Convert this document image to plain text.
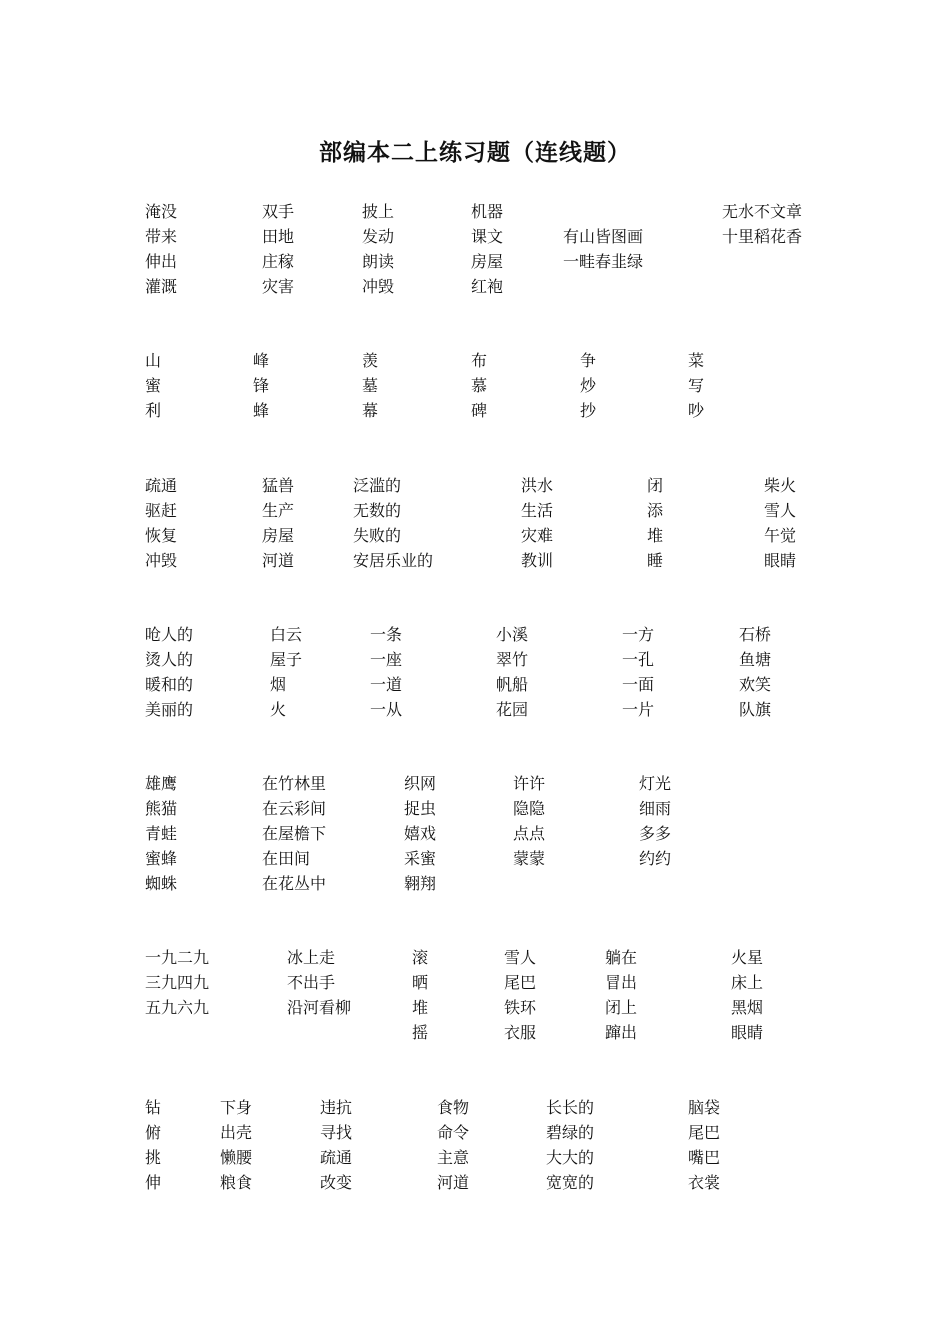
部编本二上练习题（连线题）
淹没
带来
伸出
灌溉
双手
田地
庄稼
灾害
披上
发动
朗读
冲毁
机器
课文
房屋
红袍
有山皆图画
一畦春韭绿
无水不文章
十里稻花香
山
蜜
利
峰
锋
蜂
羡
墓
幕
布
慕
碑
争
炒
抄
菜
写
吵
疏通
驱赶
恢复
冲毁
猛兽
生产
房屋
河道
泛滥的
无数的
失败的
安居乐业的
洪水
生活
灾难
教训
闭
添
堆
睡
柴火
雪人
午觉
眼睛
呛人的
烫人的
暖和的
美丽的
白云
屋子
烟
火
一条
一座
一道
一从
小溪
翠竹
帆船
花园
一方
一孔
一面
一片
石桥
鱼塘
欢笑
队旗
雄鹰
熊猫
青蛙
蜜蜂
蜘蛛
在竹林里
在云彩间
在屋檐下
在田间
在花丛中
织网
捉虫
嬉戏
采蜜
翱翔
许许
隐隐
点点
蒙蒙
灯光
细雨
多多
约约
一九二九
三九四九
五九六九
冰上走
不出手
沿河看柳
滚
晒
堆
摇
雪人
尾巴
铁环
衣服
躺在
冒出
闭上
蹿出
火星
床上
黑烟
眼睛
钻
俯
挑
伸
下身
出壳
懒腰
粮食
违抗
寻找
疏通
改变
食物
命令
主意
河道
长长的
碧绿的
大大的
宽宽的
脑袋
尾巴
嘴巴
衣裳
